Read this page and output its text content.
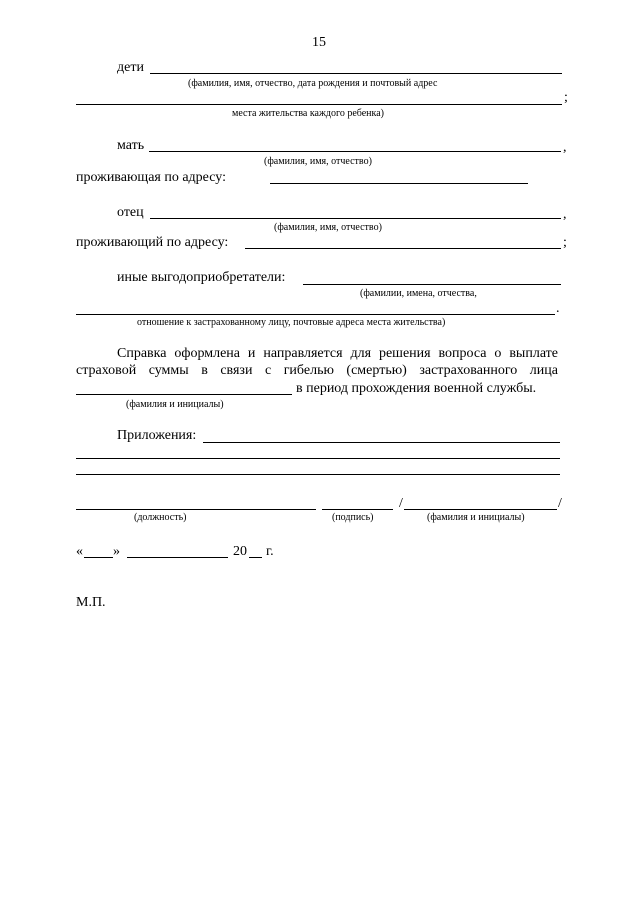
15
дети
(фамилия, имя, отчество, дата рождения и почтовый адрес
;
места жительства каждого ребенка)
мать	,
(фамилия, имя, отчество)
проживающая по адресу:
отец	,
(фамилия, имя, отчество)
проживающий по адресу:	;
иные выгодоприобретатели:
(фамилии, имена, отчества,
.
отношение к застрахованному лицу, почтовые адреса места жительства)
Справка оформлена и направляется для решения вопроса о выплате
страховой суммы в связи с гибелью (смертью) застрахованного лица
в период прохождения военной службы.
(фамилия и инициалы)
Приложения:
/	/
(должность)	(подпись)	(фамилия и инициалы)
« »	20 г.
М.П.
